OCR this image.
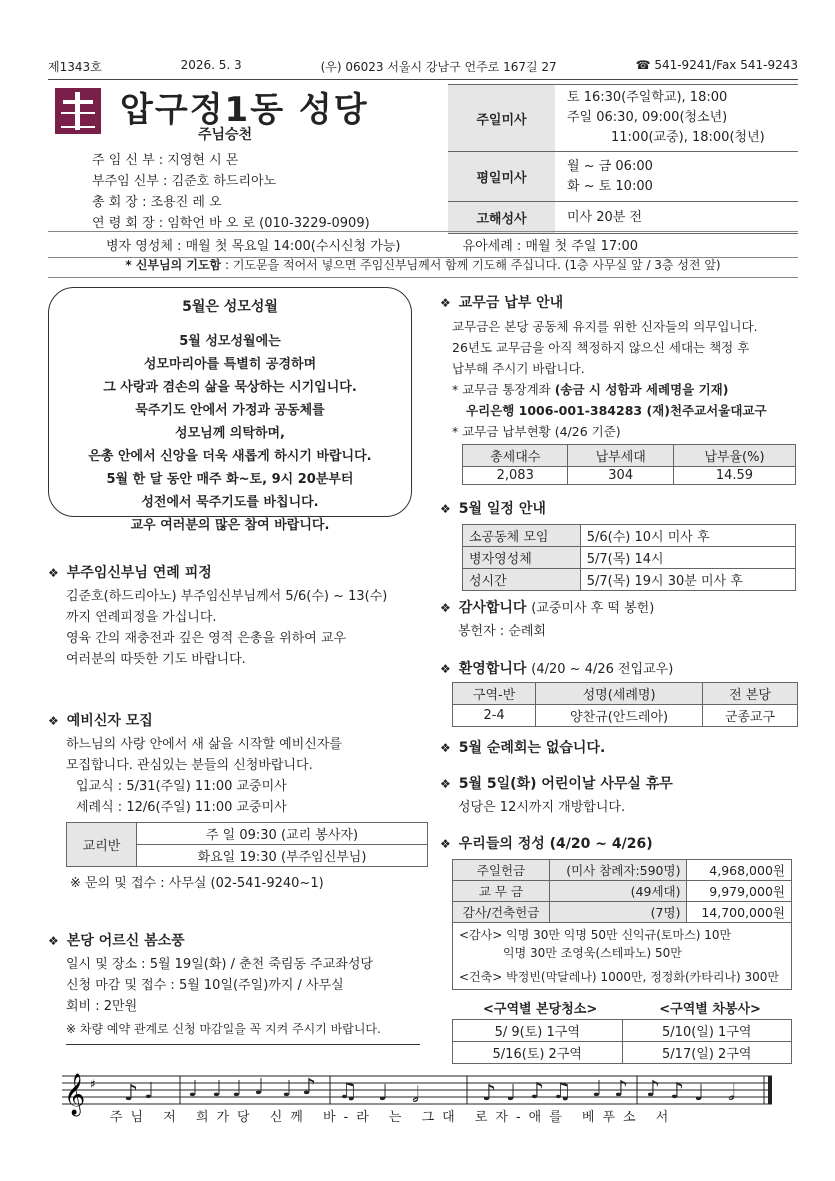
제1343호	2026. 5. 3	(우) 06023 서울시 강남구 언주로 167길 27	☎ 541-9241/Fax 541-9243
압구정1동 성당
주님승천
주 임 신 부 : 지영현 시 몬
부주임 신부 : 김준호 하드리아노
총 회 장 : 조용진 레 오
연 령 회 장 : 임학언 바 오 로 (010-3229-0909)
주일미사	토 16:30(주일학교), 18:00
주일 06:30, 09:00(청소년)
11:00(교중), 18:00(청년)

평일미사	월 ~ 금 06:00
화 ~ 토 10:00

고해성사	미사 20분 전
병자 영성체 : 매월 첫 목요일 14:00(수시신청 가능)	유아세례 : 매월 첫 주일 17:00
* 신부님의 기도함 : 기도문을 적어서 넣으면 주임신부님께서 함께 기도해 주십니다. (1층 사무실 앞 / 3층 성전 앞)
5월은 성모성월
5월 성모성월에는
성모마리아를 특별히 공경하며
그 사랑과 겸손의 삶을 묵상하는 시기입니다.
묵주기도 안에서 가정과 공동체를
성모님께 의탁하며,
은총 안에서 신앙을 더욱 새롭게 하시기 바랍니다.
5월 한 달 동안 매주 화~토, 9시 20분부터
성전에서 묵주기도를 바칩니다.
교우 여러분의 많은 참여 바랍니다.
❖ 부주임신부님 연례 피정
김준호(하드리아노) 부주임신부님께서 5/6(수) ~ 13(수)
까지 연례피정을 가십니다.
영육 간의 재충전과 깊은 영적 은총을 위하여 교우
여러분의 따뜻한 기도 바랍니다.
❖ 예비신자 모집
하느님의 사랑 안에서 새 삶을 시작할 예비신자를
모집합니다. 관심있는 분들의 신청바랍니다.
입교식 : 5/31(주일) 11:00 교중미사
세례식 : 12/6(주일) 11:00 교중미사
교리반	주 일 09:30 (교리 봉사자)
화요일 19:30 (부주임신부님)
※ 문의 및 접수 : 사무실 (02-541-9240~1)
❖ 본당 어르신 봄소풍
일시 및 장소 : 5월 19일(화) / 춘천 죽림동 주교좌성당
신청 마감 및 접수 : 5월 10일(주일)까지 / 사무실
회비 : 2만원
※ 차량 예약 관계로 신청 마감일을 꼭 지켜 주시기 바랍니다.
❖ 교무금 납부 안내
교무금은 본당 공동체 유지를 위한 신자들의 의무입니다.
26년도 교무금을 아직 책정하지 않으신 세대는 책정 후
납부해 주시기 바랍니다.
* 교무금 통장계좌 (송금 시 성함과 세례명을 기재)
우리은행 1006-001-384283 (재)천주교서울대교구
* 교무금 납부현황 (4/26 기준)
총세대수	납부세대	납부율(%)
2,083	304	14.59
❖ 5월 일정 안내
소공동체 모임	5/6(수) 10시 미사 후
병자영성체	5/7(목) 14시
성시간	5/7(목) 19시 30분 미사 후
❖ 감사합니다 (교중미사 후 떡 봉헌)
봉헌자 : 순례회
❖ 환영합니다 (4/20 ~ 4/26 전입교우)
구역-반	성명(세례명)	전 본당
2-4	양찬규(안드레아)	군종교구
❖ 5월 순례회는 없습니다.
❖ 5월 5일(화) 어린이날 사무실 휴무
성당은 12시까지 개방합니다.
❖ 우리들의 정성 (4/20 ~ 4/26)
주일헌금	(미사 참례자:590명)	4,968,000원
교 무 금	(49세대)	9,979,000원
감사/건축헌금	(7명)	14,700,000원

<감사> 익명 30만 익명 50만 신익규(토마스) 10만
익명 30만 조영욱(스테파노) 50만
<건축> 박정빈(막달레나) 1000만, 정정화(카타리나) 300만		
<구역별 본당청소>	<구역별 차봉사>
5/ 9(토) 1구역	5/10(일) 1구역
5/16(토) 2구역	5/17(일) 2구역
𝄞 ♯ ♪ ♩ ♩ ♩ ♩ ♩ ♩ ♪ ♫ ♩ 𝅗𝅥	♪ ♩ ♪ ♫ ♩ ♪ ♪ ♪ ♩ 𝅗𝅥
주님 저 희가당 신께 바-라 는 그대 로자-애를 베푸소 서
